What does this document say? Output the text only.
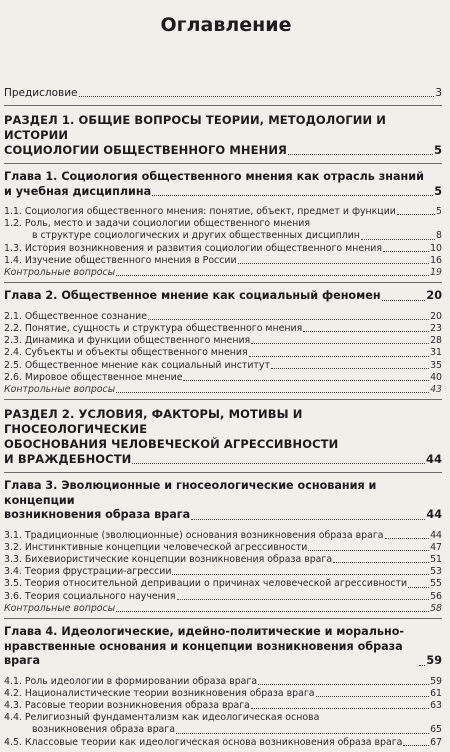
Оглавление
Предисловие	3
РАЗДЕЛ 1. ОБЩИЕ ВОПРОСЫ ТЕОРИИ, МЕТОДОЛОГИИ И ИСТОРИИ
СОЦИОЛОГИИ ОБЩЕСТВЕННОГО МНЕНИЯ	5
Глава 1. Социология общественного мнения как отрасль знаний
и учебная дисциплина	5
1.1. Социология общественного мнения: понятие, объект, предмет и функции	5
1.2. Роль, место и задачи социологии общественного мнения
в структуре социологических и других общественных дисциплин	8
1.3. История возникновения и развития социологии общественного мнения	10
1.4. Изучение общественного мнения в России	16
Контрольные вопросы	19
Глава 2. Общественное мнение как социальный феномен	20
2.1. Общественное сознание	20
2.2. Понятие, сущность и структура общественного мнения	23
2.3. Динамика и функции общественного мнения	28
2.4. Субъекты и объекты общественного мнения	31
2.5. Общественное мнение как социальный институт	35
2.6. Мировое общественное мнение	40
Контрольные вопросы	43
РАЗДЕЛ 2. УСЛОВИЯ, ФАКТОРЫ, МОТИВЫ И ГНОСЕОЛОГИЧЕСКИЕ
ОБОСНОВАНИЯ ЧЕЛОВЕЧЕСКОЙ АГРЕССИВНОСТИ
И ВРАЖДЕБНОСТИ	44
Глава 3. Эволюционные и гносеологические основания и концепции
возникновения образа врага	44
3.1. Традиционные (эволюционные) основания возникновения образа врага	44
3.2. Инстинктивные концепции человеческой агрессивности	47
3.3. Бихевиористические концепции возникновения образа врага	51
3.4. Теория фрустрации-агрессии	53
3.5. Теория относительной депривации о причинах человеческой агрессивности 55
3.6. Теория социального научения	56
Контрольные вопросы	58
Глава 4. Идеологические, идейно-политические и морально-
нравственные основания и концепции возникновения образа врага	59
4.1. Роль идеологии в формировании образа врага	59
4.2. Националистические теории возникновения образа врага	61
4.3. Расовые теории возникновения образа врага	63
4.4. Религиозный фундаментализм как идеологическая основа
возникновения образа врага	65
4.5. Классовые теории как идеологическая основа возникновения образа врага	67
